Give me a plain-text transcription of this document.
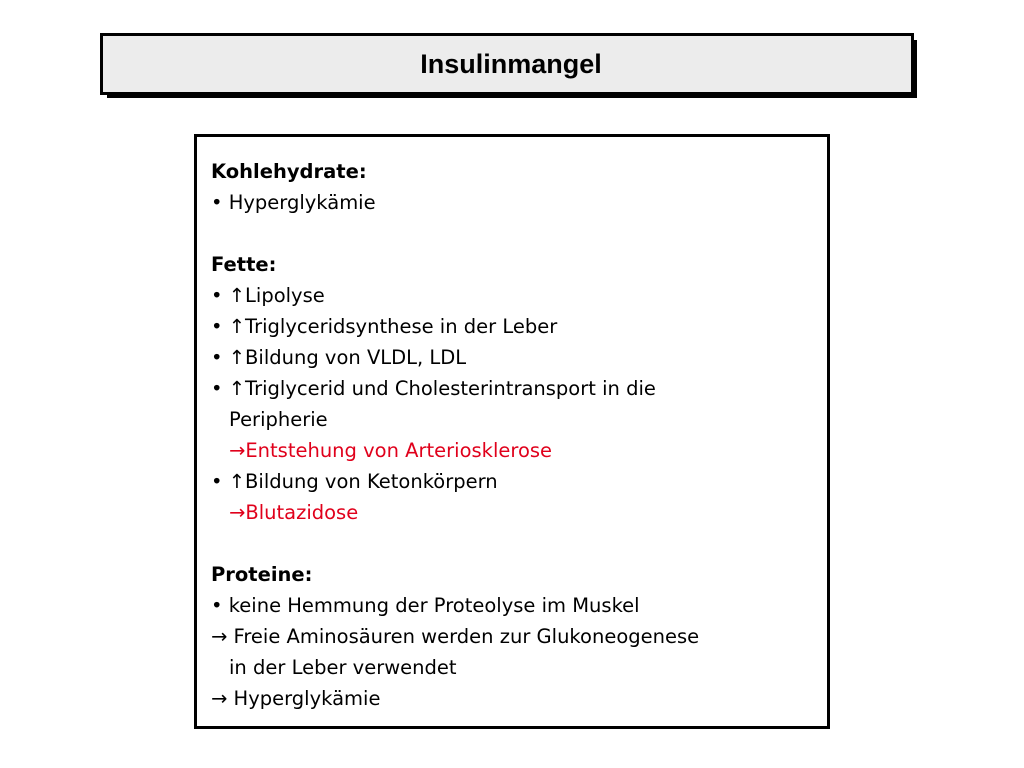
Insulinmangel
Kohlehydrate:
• Hyperglykämie
Fette:
• ↑Lipolyse
• ↑Triglyceridsynthese in der Leber
• ↑Bildung von VLDL, LDL
• ↑Triglycerid und Cholesterintransport in die
Peripherie
→Entstehung von Arteriosklerose
• ↑Bildung von Ketonkörpern
→Blutazidose
Proteine:
• keine Hemmung der Proteolyse im Muskel
→ Freie Aminosäuren werden zur Glukoneogenese
in der Leber verwendet
→ Hyperglykämie
